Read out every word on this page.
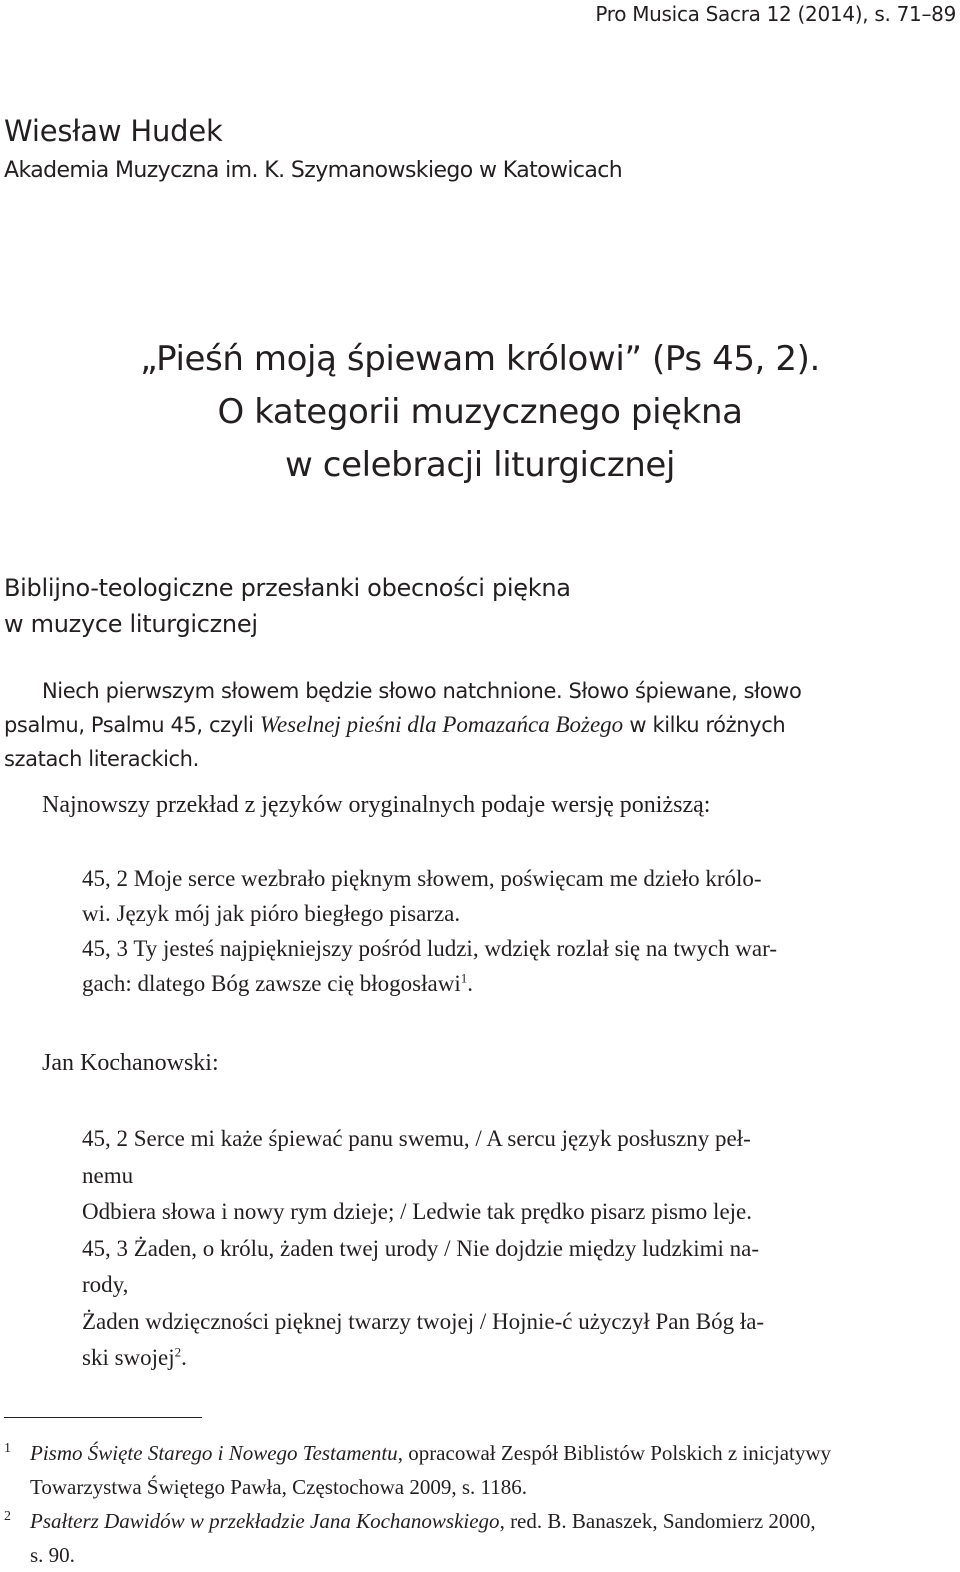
Pro Musica Sacra 12 (2014), s. 71–89
Wiesław Hudek
Akademia Muzyczna im. K. Szymanowskiego w Katowicach
„Pieśń moją śpiewam królowi” (Ps 45, 2).
O kategorii muzycznego piękna
w celebracji liturgicznej
Biblijno-teologiczne przesłanki obecności piękna
w muzyce liturgicznej
Niech pierwszym słowem będzie słowo natchnione. Słowo śpiewane, słowo
psalmu, Psalmu 45, czyli Weselnej pieśni dla Pomazańca Bożego w kilku różnych
szatach literackich.
Najnowszy przekład z języków oryginalnych podaje wersję poniższą:
45, 2 Moje serce wezbrało pięknym słowem, poświęcam me dzieło królo-
wi. Język mój jak pióro biegłego pisarza.
45, 3 Ty jesteś najpiękniejszy pośród ludzi, wdzięk rozlał się na twych war-
gach: dlatego Bóg zawsze cię błogosławi$^1$.
Jan Kochanowski:
45, 2 Serce mi każe śpiewać panu swemu, / A sercu język posłuszny peł-
nemu
Odbiera słowa i nowy rym dzieje; / Ledwie tak prędko pisarz pismo leje.
45, 3 Żaden, o królu, żaden twej urody / Nie dojdzie między ludzkimi na-
rody,
Żaden wdzięczności pięknej twarzy twojej / Hojnie-ć użyczył Pan Bóg ła-
ski swojej$^2$.
1 Pismo Święte Starego i Nowego Testamentu, opracował Zespół Biblistów Polskich z inicjatywy
Towarzystwa Świętego Pawła, Częstochowa 2009, s. 1186.
2 Psałterz Dawidów w przekładzie Jana Kochanowskiego, red. B. Banaszek, Sandomierz 2000,
s. 90.
